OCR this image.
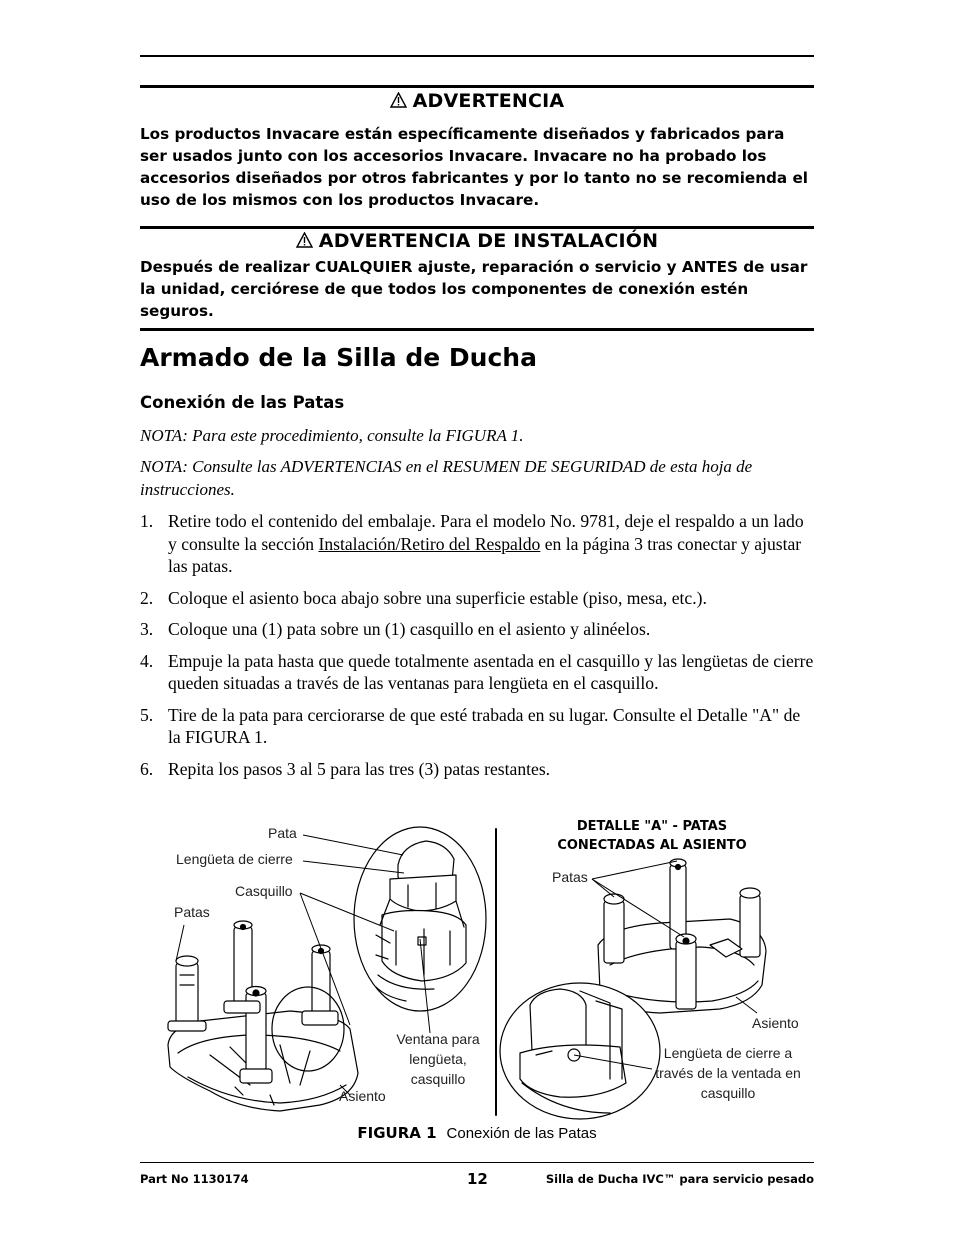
ADVERTENCIA
Los productos Invacare están específicamente diseñados y fabricados para ser usados junto con los accesorios Invacare. Invacare no ha probado los accesorios diseñados por otros fabricantes y por lo tanto no se recomienda el uso de los mismos con los productos Invacare.
ADVERTENCIA DE INSTALACIÓN
Después de realizar CUALQUIER ajuste, reparación o servicio y ANTES de usar la unidad, cerciórese de que todos los componentes de conexión estén seguros.
Armado de la Silla de Ducha
Conexión de las Patas
NOTA: Para este procedimiento, consulte la FIGURA 1.
NOTA: Consulte las ADVERTENCIAS en el RESUMEN DE SEGURIDAD de esta hoja de instrucciones.
1. Retire todo el contenido del embalaje. Para el modelo No. 9781, deje el respaldo a un lado y consulte la sección Instalación/Retiro del Respaldo en la página 3 tras conectar y ajustar las patas.
2. Coloque el asiento boca abajo sobre una superficie estable (piso, mesa, etc.).
3. Coloque una (1) pata sobre un (1) casquillo en el asiento y alinéelos.
4. Empuje la pata hasta que quede totalmente asentada en el casquillo y las lengüetas de cierre queden situadas a través de las ventanas para lengüeta en el casquillo.
5. Tire de la pata para cerciorarse de que esté trabada en su lugar. Consulte el Detalle "A" de la FIGURA 1.
6. Repita los pasos 3 al 5 para las tres (3) patas restantes.
Pata
Lengüeta de cierre
Casquillo
Patas
Ventana para lengüeta, casquillo
Asiento
DETALLE "A" - PATAS CONECTADAS AL ASIENTO
Patas
Asiento
Lengüeta de cierre a través de la ventada en casquillo
FIGURA 1 Conexión de las Patas
Part No 1130174	12	Silla de Ducha IVC™ para servicio pesado
